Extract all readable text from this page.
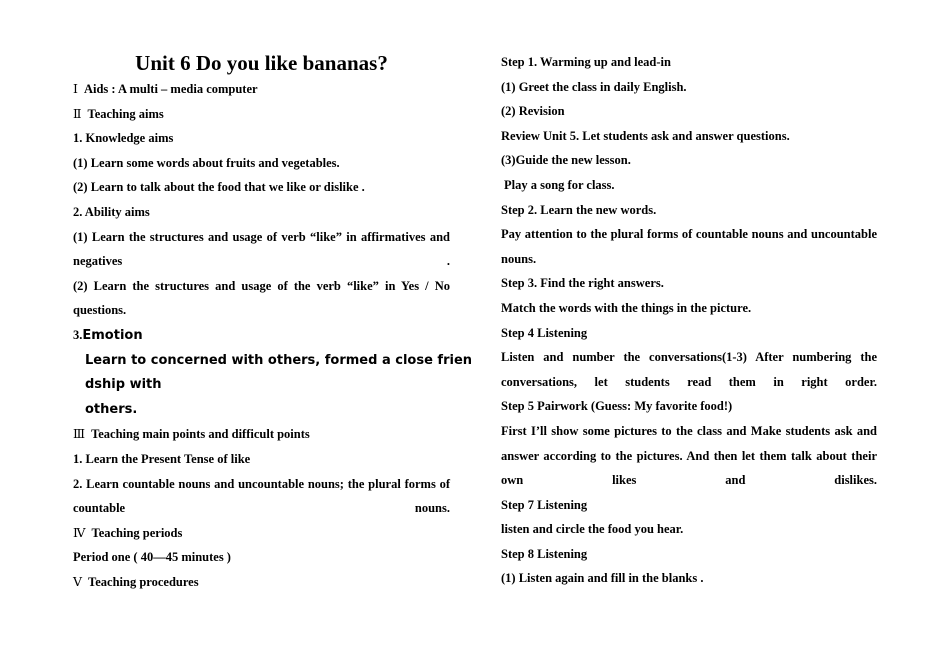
Unit 6 Do you like bananas?

Ⅰ Aids : A multi – media computer

Ⅱ Teaching aims

1. Knowledge aims

(1) Learn some words about fruits and vegetables.

(2) Learn to talk about the food that we like or dislike .

2. Ability aims

(1) Learn the structures and usage of verb “like” in affirmatives and negatives .

(2) Learn the structures and usage of the verb “like” in Yes / No questions.

3.Emotion

Learn to concerned with others, formed a close frien

dship with

others.

Ⅲ Teaching main points and difficult points

1. Learn the Present Tense of like

2. Learn countable nouns and uncountable nouns; the plural forms of countable nouns.

Ⅳ Teaching periods

Period one ( 40—45 minutes )

Ⅴ Teaching procedures

Step 1. Warming up and lead-in

(1) Greet the class in daily English.

(2) Revision

Review Unit 5. Let students ask and answer questions.

(3)Guide the new lesson.

Play a song for class.

Step 2. Learn the new words.

Pay attention to the plural forms of countable nouns and uncountable nouns.

Step 3. Find the right answers.

Match the words with the things in the picture.

Step 4 Listening

Listen and number the conversations(1-3) After numbering the conversations, let students read them in right order.

Step 5 Pairwork (Guess: My favorite food!)

First I’ll show some pictures to the class and Make students ask and answer according to the pictures. And then let them talk about their own likes and dislikes.

Step 7 Listening

listen and circle the food you hear.

Step 8 Listening

(1) Listen again and fill in the blanks .
